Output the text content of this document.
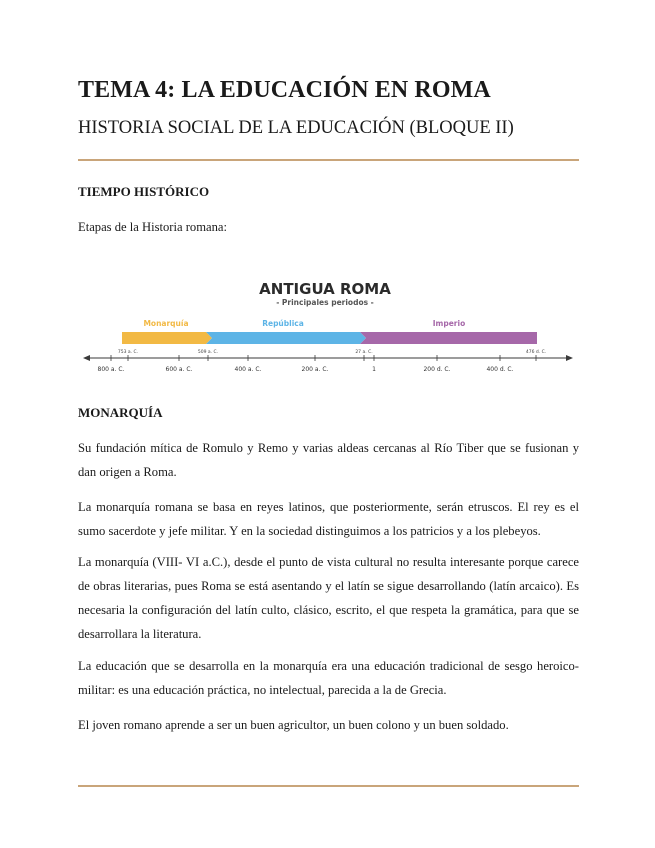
TEMA 4: LA EDUCACIÓN EN ROMA
HISTORIA SOCIAL DE LA EDUCACIÓN (BLOQUE II)
TIEMPO HISTÓRICO

Etapas de la Historia romana:

ANTIGUA ROMA
- Principales periodos -
Monarquía	República	Imperio
753 a. C.	509 a. C.	27 a. C.	476 d. C.
800 a. C.	600 a. C.	400 a. C.	200 a. C.	1	200 d. C.	400 d. C.
MONARQUÍA

Su fundación mítica de Romulo y Remo y varias aldeas cercanas al Río Tiber que se fusionan y dan origen a Roma.

La monarquía romana se basa en reyes latinos, que posteriormente, serán etruscos. El rey es el sumo sacerdote y jefe militar. Y en la sociedad distinguimos a los patricios y a los plebeyos.

La monarquía (VIII- VI a.C.), desde el punto de vista cultural no resulta interesante porque carece de obras literarias, pues Roma se está asentando y el latín se sigue desarrollando (latín arcaico). Es necesaria la configuración del latín culto, clásico, escrito, el que respeta la gramática, para que se desarrollara la literatura.

La educación que se desarrolla en la monarquía era una educación tradicional de sesgo heroico-militar: es una educación práctica, no intelectual, parecida a la de Grecia.

El joven romano aprende a ser un buen agricultor, un buen colono y un buen soldado.
